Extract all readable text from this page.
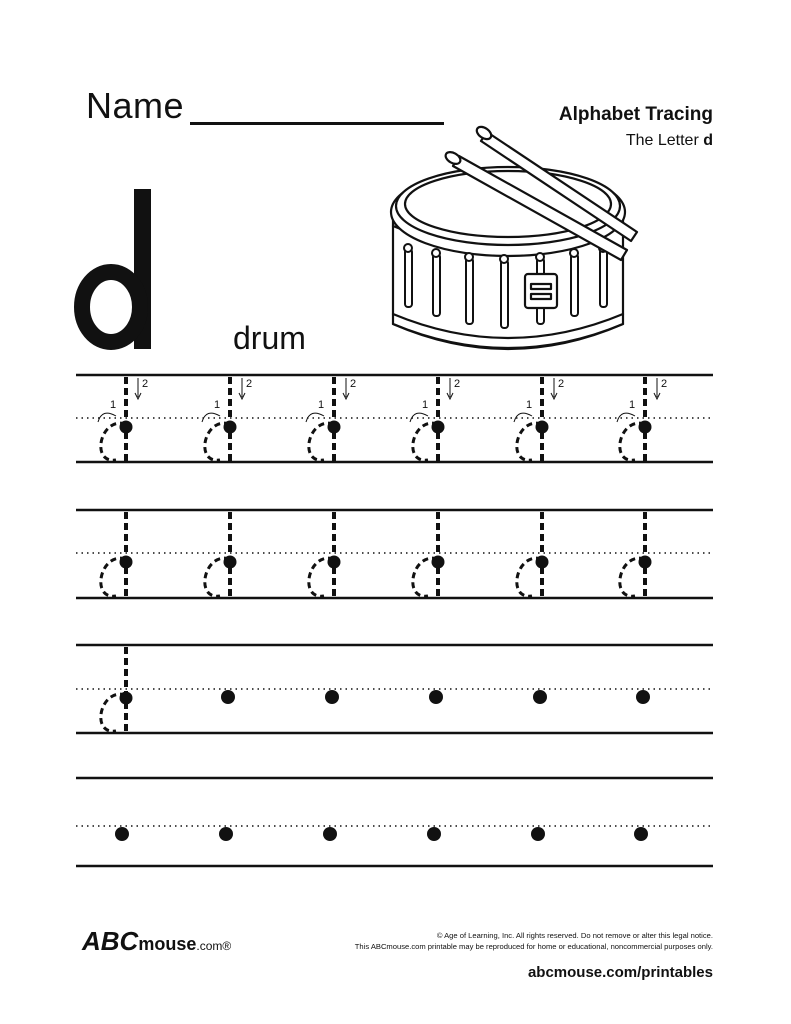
Name	Alphabet Tracing
The Letter d
drum
1
2
1
2
1
2
1
2
1
2
1
2
ABCmouse.com®
© Age of Learning, Inc. All rights reserved. Do not remove or alter this legal notice.
This ABCmouse.com printable may be reproduced for home or educational, noncommercial purposes only.
abcmouse.com/printables
